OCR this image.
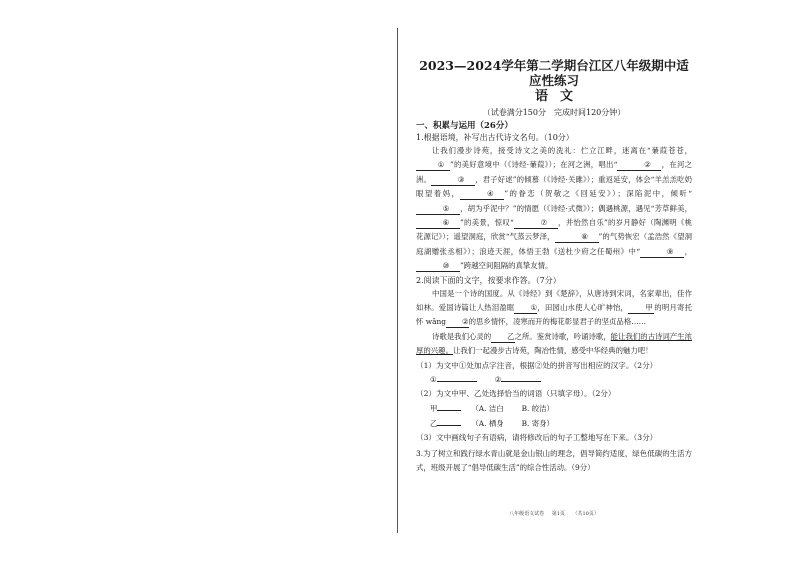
2023—2024学年第二学期台江区八年级期中适应性练习
语文
（试卷满分150分　完成时间120分钟）
一、积累与运用（26分）
1.根据语境，补写出古代诗文名句。（10分）
让我们漫步诗苑，接受诗文之美的洗礼：伫立江畔，迷离在“蒹葭苍苍，① ”的美好意境中（《诗经·蒹葭》）；在河之洲，唱出“	② ，在河之洲。	③ ，君子好逑”的倾慕（《诗经·关雎》）；重返延安，体会“羊羔羔吃奶眼望着妈，	④ ”的眷恋（贺敬之《回延安》）；深陷泥中，倾听“⑤ ，胡为乎泥中？”的情愿（《诗经·式微》）；偶遇桃源，遇见“芳草鲜美，⑥ ”的美景，惊叹“	⑦ ，并怡然自乐”的岁月静好（陶渊明《桃花源记》）；遥望洞庭，欣赏“气蒸云梦泽，	⑧ ”的气势恢宏（孟浩然《望洞庭湖赠张丞相》）；浪迹天涯，体悟王勃《送杜少府之任蜀州》中“	⑨ ，⑩ ”跨越空间阻隔的真挚友情。
2.阅读下面的文字，按要求作答。（7分）
中国是一个诗的国度。从《诗经》到《楚辞》，从唐诗到宋词，名家辈出，佳作如林。爱国诗篇让人热泪盈眶 ①，田园山水使人心旷神怡， 甲的明月寄托怀 wǎng ②的思乡情怀，凌寒而开的梅花彰显君子的坚贞品格……
诗歌是我们心灵的 乙之所。鉴赏诗歌，吟诵诗歌，能让我们的古诗词产生浓厚的兴趣。让我们一起漫步古诗苑，陶冶性情，感受中华经典的魅力吧！
（1）为文中①处加点字注音，根据②处的拼音写出相应的汉字。（2分）
①	②
（2）为文中甲、乙处选择恰当的词语（只填字母）。（2分）
甲	（A. 洁白 B. 皎洁）
乙	（A. 栖身 B. 寄身）
（3）文中画线句子有语病，请将修改后的句子工整地写在下来。（3分）
3.为了树立和践行绿水青山就是金山银山的理念，倡导简约适度，绿色低碳的生活方式，班级开展了“倡导低碳生活”的综合性活动。（9分）
八年级语文试卷 第1页 （共10页）
